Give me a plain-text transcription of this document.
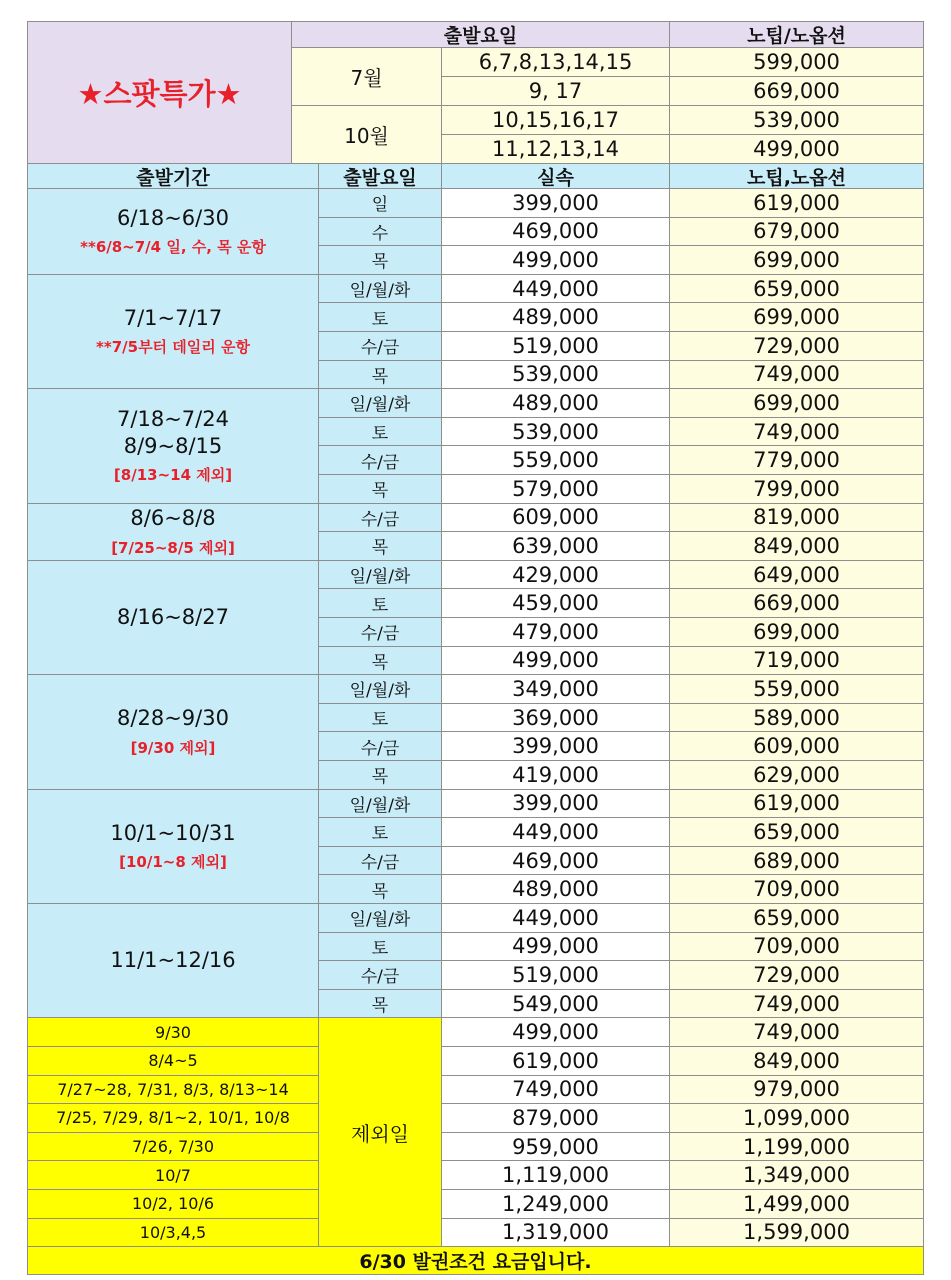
★스팟특가★
출발요일	노팁/노옵션
7월
6,7,8,13,14,15	599,000
9, 17	669,000
10월
10,15,16,17	539,000
11,12,13,14	499,000
출발기간	출발요일	실속	노팁,노옵션
6/18~6/30
**6/8~7/4 일, 수, 목 운항
일	399,000	619,000
수	469,000	679,000
목	499,000	699,000
7/1~7/17
**7/5부터 데일리 운항
일/월/화	449,000	659,000
토	489,000	699,000
수/금	519,000	729,000
목	539,000	749,000
7/18~7/24
8/9~8/15
[8/13~14 제외]
일/월/화	489,000	699,000
토	539,000	749,000
수/금	559,000	779,000
목	579,000	799,000
8/6~8/8
[7/25~8/5 제외]
수/금	609,000	819,000
목	639,000	849,000
8/16~8/27
일/월/화	429,000	649,000
토	459,000	669,000
수/금	479,000	699,000
목	499,000	719,000
8/28~9/30
[9/30 제외]
일/월/화	349,000	559,000
토	369,000	589,000
수/금	399,000	609,000
목	419,000	629,000
10/1~10/31
[10/1~8 제외]
일/월/화	399,000	619,000
토	449,000	659,000
수/금	469,000	689,000
목	489,000	709,000
11/1~12/16
일/월/화	449,000	659,000
토	499,000	709,000
수/금	519,000	729,000
목	549,000	749,000
9/30	499,000	749,000
8/4~5	619,000	849,000
7/27~28, 7/31, 8/3, 8/13~14	749,000	979,000
7/25, 7/29, 8/1~2, 10/1, 10/8	879,000	1,099,000
7/26, 7/30	959,000	1,199,000
10/7	1,119,000	1,349,000
10/2, 10/6	1,249,000	1,499,000
10/3,4,5	1,319,000	1,599,000
제외일
6/30 발권조건 요금입니다.
